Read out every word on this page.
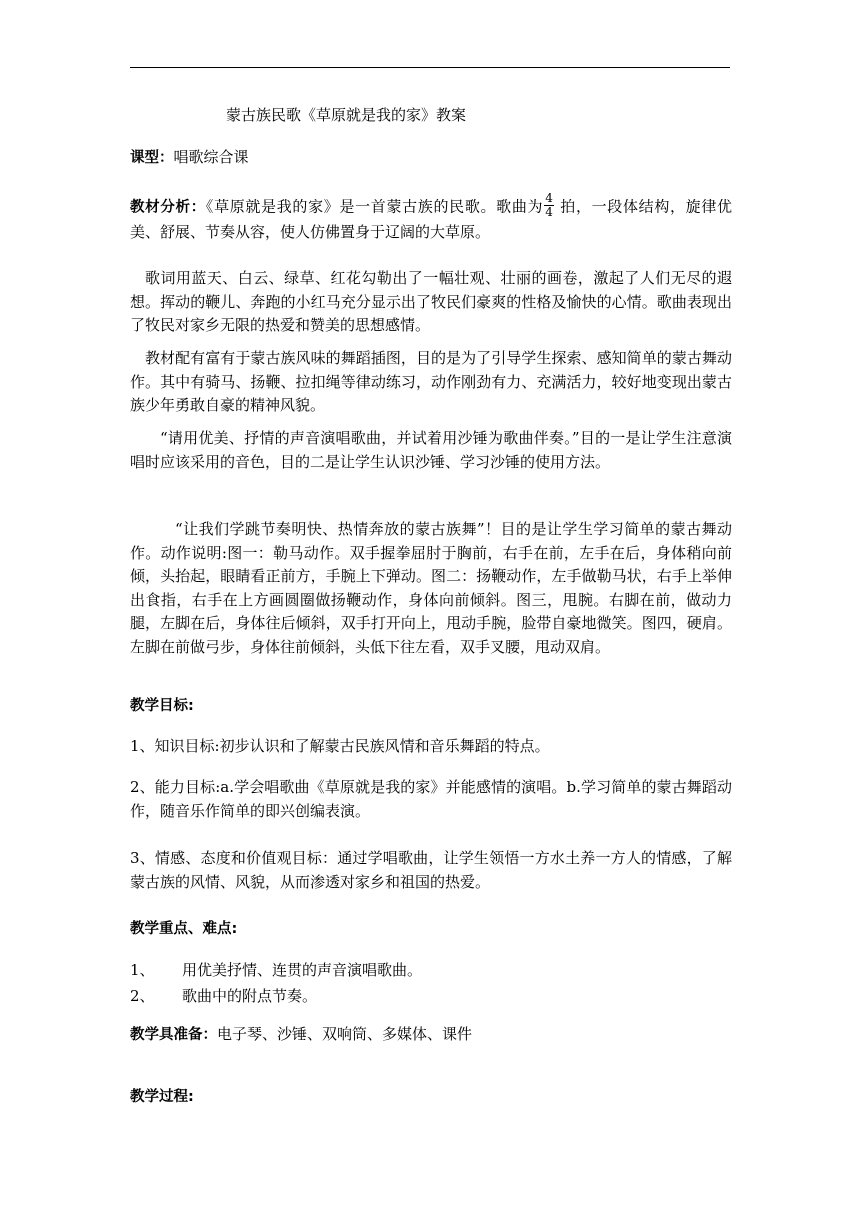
蒙古族民歌《草原就是我的家》教案
课型：唱歌综合课
教材分析：《草原就是我的家》是一首蒙古族的民歌。歌曲为 $\frac{4}{4}$ 拍，一段体结构，旋律优美、舒展、节奏从容，使人仿佛置身于辽阔的大草原。
歌词用蓝天、白云、绿草、红花勾勒出了一幅壮观、壮丽的画卷，激起了人们无尽的遐想。挥动的鞭儿、奔跑的小红马充分显示出了牧民们豪爽的性格及愉快的心情。歌曲表现出了牧民对家乡无限的热爱和赞美的思想感情。
教材配有富有于蒙古族风味的舞蹈插图，目的是为了引导学生探索、感知简单的蒙古舞动作。其中有骑马、扬鞭、拉扣绳等律动练习，动作刚劲有力、充满活力，较好地变现出蒙古族少年勇敢自豪的精神风貌。
“请用优美、抒情的声音演唱歌曲，并试着用沙锤为歌曲伴奏。”目的一是让学生注意演唱时应该采用的音色，目的二是让学生认识沙锤、学习沙锤的使用方法。
“让我们学跳节奏明快、热情奔放的蒙古族舞”！目的是让学生学习简单的蒙古舞动作。动作说明:图一：勒马动作。双手握拳屈肘于胸前，右手在前，左手在后，身体稍向前倾，头抬起，眼睛看正前方，手腕上下弹动。图二：扬鞭动作，左手做勒马状，右手上举伸出食指，右手在上方画圆圈做扬鞭动作，身体向前倾斜。图三，甩腕。右脚在前，做动力腿，左脚在后，身体往后倾斜，双手打开向上，甩动手腕，脸带自豪地微笑。图四，硬肩。左脚在前做弓步，身体往前倾斜，头低下往左看，双手叉腰，甩动双肩。
教学目标:
1、知识目标:初步认识和了解蒙古民族风情和音乐舞蹈的特点。
2、能力目标:a.学会唱歌曲《草原就是我的家》并能感情的演唱。b.学习简单的蒙古舞蹈动作，随音乐作简单的即兴创编表演。
3、情感、态度和价值观目标：通过学唱歌曲，让学生领悟一方水土养一方人的情感，了解蒙古族的风情、风貌，从而渗透对家乡和祖国的热爱。
教学重点、难点:
1、 用优美抒情、连贯的声音演唱歌曲。
2、 歌曲中的附点节奏。
教学具准备：电子琴、沙锤、双响筒、多媒体、课件
教学过程:
